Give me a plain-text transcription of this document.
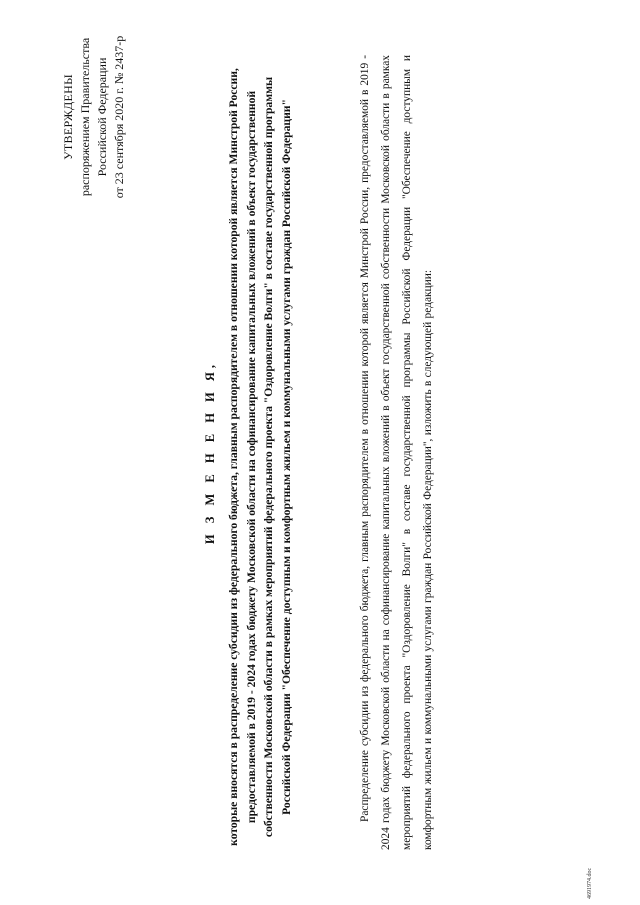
УТВЕРЖДЕНЫ распоряжением Правительства Российской Федерации от 23 сентября 2020 г. № 2437-р
И З М Е Н Е Н И Я, которые вносятся в распределение субсидии из федерального бюджета, главным распорядителем в отношении которой является Минстрой России, предоставляемой в 2019 - 2024 годах бюджету Московской области на софинансирование капитальных вложений в объект государственной собственности Московской области в рамках мероприятий федерального проекта "Оздоровление Волги" в составе государственной программы Российской Федерации "Обеспечение доступным и комфортным жильем и коммунальными услугами граждан Российской Федерации"	Распределение субсидии из федерального бюджета, главным распорядителем в отношении которой является Минстрой России, предоставляемой в 2019 - 2024 годах бюджету Московской области на софинансирование капитальных вложений в объект государственной собственности Московской области в рамках мероприятий федерального проекта "Оздоровление Волги" в составе государственной программы Российской Федерации "Обеспечение доступным и комфортным жильем и коммунальными услугами граждан Российской Федерации", изложить в следующей редакции:
4691974.doc
